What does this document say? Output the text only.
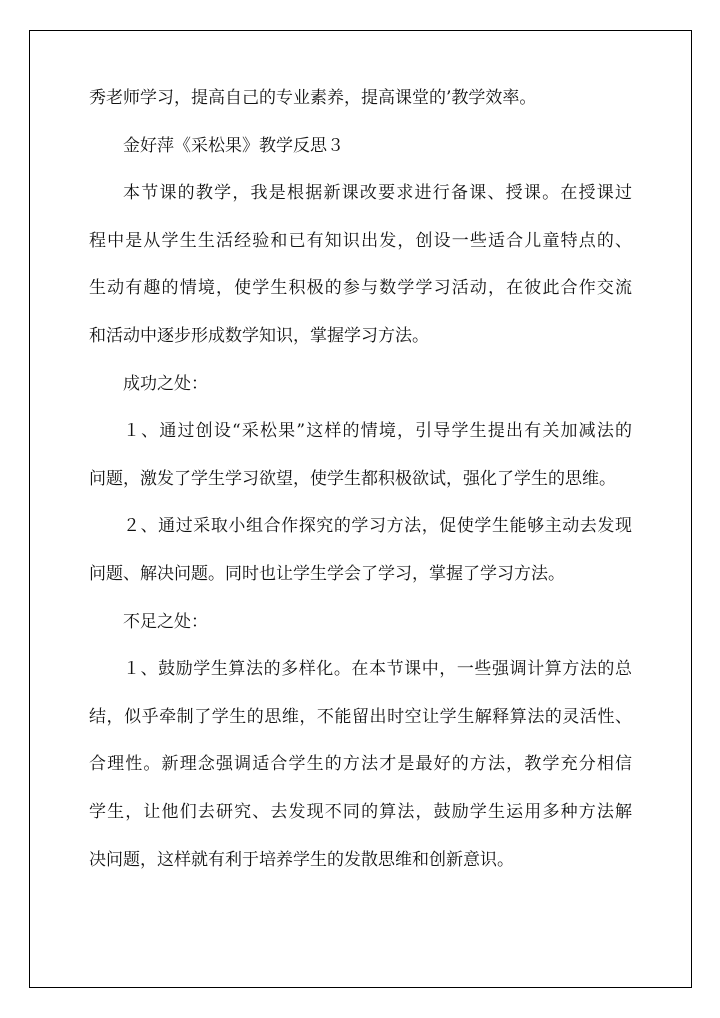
秀老师学习，提高自己的专业素养，提高课堂的’教学效率。
金好萍《采松果》教学反思３
本节课的教学，我是根据新课改要求进行备课、授课。在授课过
程中是从学生生活经验和已有知识出发，创设一些适合儿童特点的、
生动有趣的情境，使学生积极的参与数学学习活动，在彼此合作交流
和活动中逐步形成数学知识，掌握学习方法。
成功之处：
１、通过创设“采松果”这样的情境，引导学生提出有关加减法的
问题，激发了学生学习欲望，使学生都积极欲试，强化了学生的思维。
２、通过采取小组合作探究的学习方法，促使学生能够主动去发现
问题、解决问题。同时也让学生学会了学习，掌握了学习方法。
不足之处：
１、鼓励学生算法的多样化。在本节课中，一些强调计算方法的总
结，似乎牵制了学生的思维，不能留出时空让学生解释算法的灵活性、
合理性。新理念强调适合学生的方法才是最好的方法，教学充分相信
学生，让他们去研究、去发现不同的算法，鼓励学生运用多种方法解
决问题，这样就有利于培养学生的发散思维和创新意识。
